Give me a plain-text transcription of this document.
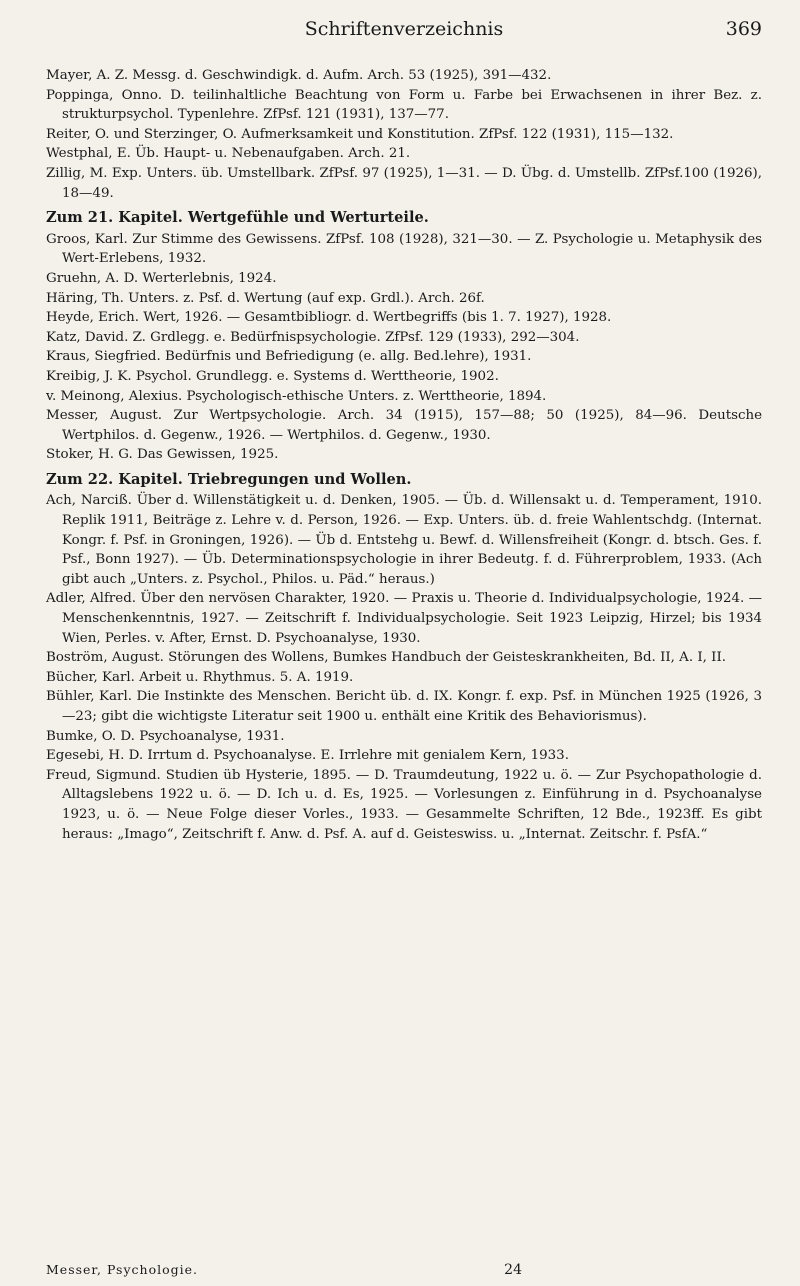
Schriftenverzeichnis	369

Mayer, A. Z. Messg. d. Geschwindigk. d. Aufm. Arch. 53 (1925), 391—432.

Poppinga, Onno. D. teilinhaltliche Beachtung von Form u. Farbe bei Erwachsenen in ihrer Bez. z. strukturpsychol. Typenlehre. ZfPsf. 121 (1931), 137—77.

Reiter, O. und Sterzinger, O. Aufmerksamkeit und Konstitution. ZfPsf. 122 (1931), 115—132.

Westphal, E. Üb. Haupt- u. Nebenaufgaben. Arch. 21.

Zillig, M. Exp. Unters. üb. Umstellbark. ZfPsf. 97 (1925), 1—31. — D. Übg. d. Umstellb. ZfPsf.100 (1926), 18—49.

Zum 21. Kapitel. Wertgefühle und Werturteile.

Groos, Karl. Zur Stimme des Gewissens. ZfPsf. 108 (1928), 321—30. — Z. Psychologie u. Metaphysik des Wert-Erlebens, 1932.

Gruehn, A. D. Werterlebnis, 1924.

Häring, Th. Unters. z. Psf. d. Wertung (auf exp. Grdl.). Arch. 26f.

Heyde, Erich. Wert, 1926. — Gesamtbibliogr. d. Wertbegriffs (bis 1. 7. 1927), 1928.

Katz, David. Z. Grdlegg. e. Bedürfnispsychologie. ZfPsf. 129 (1933), 292—304.

Kraus, Siegfried. Bedürfnis und Befriedigung (e. allg. Bed.lehre), 1931.

Kreibig, J. K. Psychol. Grundlegg. e. Systems d. Werttheorie, 1902.

v. Meinong, Alexius. Psychologisch-ethische Unters. z. Werttheorie, 1894.

Messer, August. Zur Wertpsychologie. Arch. 34 (1915), 157—88; 50 (1925), 84—96. Deutsche Wertphilos. d. Gegenw., 1926. — Wertphilos. d. Gegenw., 1930.

Stoker, H. G. Das Gewissen, 1925.

Zum 22. Kapitel. Triebregungen und Wollen.

Ach, Narciß. Über d. Willenstätigkeit u. d. Denken, 1905. — Üb. d. Willensakt u. d. Temperament, 1910. Replik 1911, Beiträge z. Lehre v. d. Person, 1926. — Exp. Unters. üb. d. freie Wahlentschdg. (Internat. Kongr. f. Psf. in Groningen, 1926). — Üb d. Entstehg u. Bewf. d. Willensfreiheit (Kongr. d. btsch. Ges. f. Psf., Bonn 1927). — Üb. Determinationspsychologie in ihrer Bedeutg. f. d. Führerproblem, 1933. (Ach gibt auch „Unters. z. Psychol., Philos. u. Päd.“ heraus.)

Adler, Alfred. Über den nervösen Charakter, 1920. — Praxis u. Theorie d. Individualpsychologie, 1924. — Menschenkenntnis, 1927. — Zeitschrift f. Individualpsychologie. Seit 1923 Leipzig, Hirzel; bis 1934 Wien, Perles. v. After, Ernst. D. Psychoanalyse, 1930.

Boström, August. Störungen des Wollens, Bumkes Handbuch der Geisteskrankheiten, Bd. II, A. I, II.

Bücher, Karl. Arbeit u. Rhythmus. 5. A. 1919.

Bühler, Karl. Die Instinkte des Menschen. Bericht üb. d. IX. Kongr. f. exp. Psf. in München 1925 (1926, 3—23; gibt die wichtigste Literatur seit 1900 u. enthält eine Kritik des Behaviorismus).

Bumke, O. D. Psychoanalyse, 1931.

Egesebi, H. D. Irrtum d. Psychoanalyse. E. Irrlehre mit genialem Kern, 1933.

Freud, Sigmund. Studien üb Hysterie, 1895. — D. Traumdeutung, 1922 u. ö. — Zur Psychopathologie d. Alltagslebens 1922 u. ö. — D. Ich u. d. Es, 1925. — Vorlesungen z. Einführung in d. Psychoanalyse 1923, u. ö. — Neue Folge dieser Vorles., 1933. — Gesammelte Schriften, 12 Bde., 1923ff. Es gibt heraus: „Imago“, Zeitschrift f. Anw. d. Psf. A. auf d. Geisteswiss. u. „Internat. Zeitschr. f. PsfA.“

Messer, Psychologie.	24
